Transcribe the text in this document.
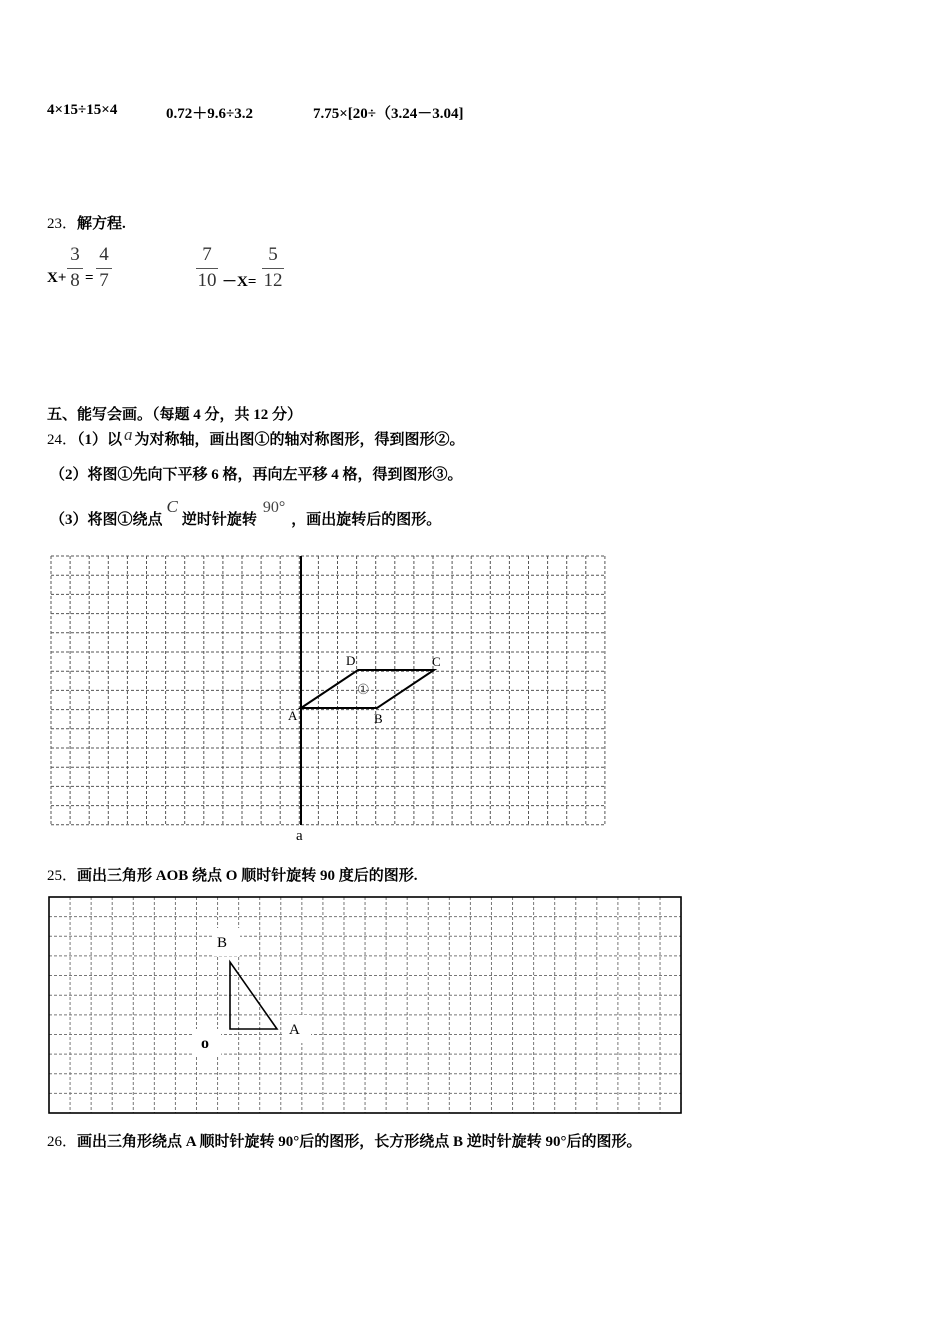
4×15÷15×4	0.72＋9.6÷3.2	7.75×[20÷（3.24－3.04]
23．解方程.
X+
3
8 =
4
7
7
10 －X=
5
12
五、能写会画。（每题 4 分，共 12 分）
24．（1）以 a 为对称轴，画出图①的轴对称图形，得到图形②。
（2）将图①先向下平移 6 格，再向左平移 4 格，得到图形③。
（3）将图①绕点C逆时针旋转90°，画出旋转后的图形。
A	B
C
D
①
a
25．画出三角形 AOB 绕点 O 顺时针旋转 90 度后的图形.
B
A
o
26．画出三角形绕点 A 顺时针旋转 90°后的图形，长方形绕点 B 逆时针旋转 90°后的图形。
